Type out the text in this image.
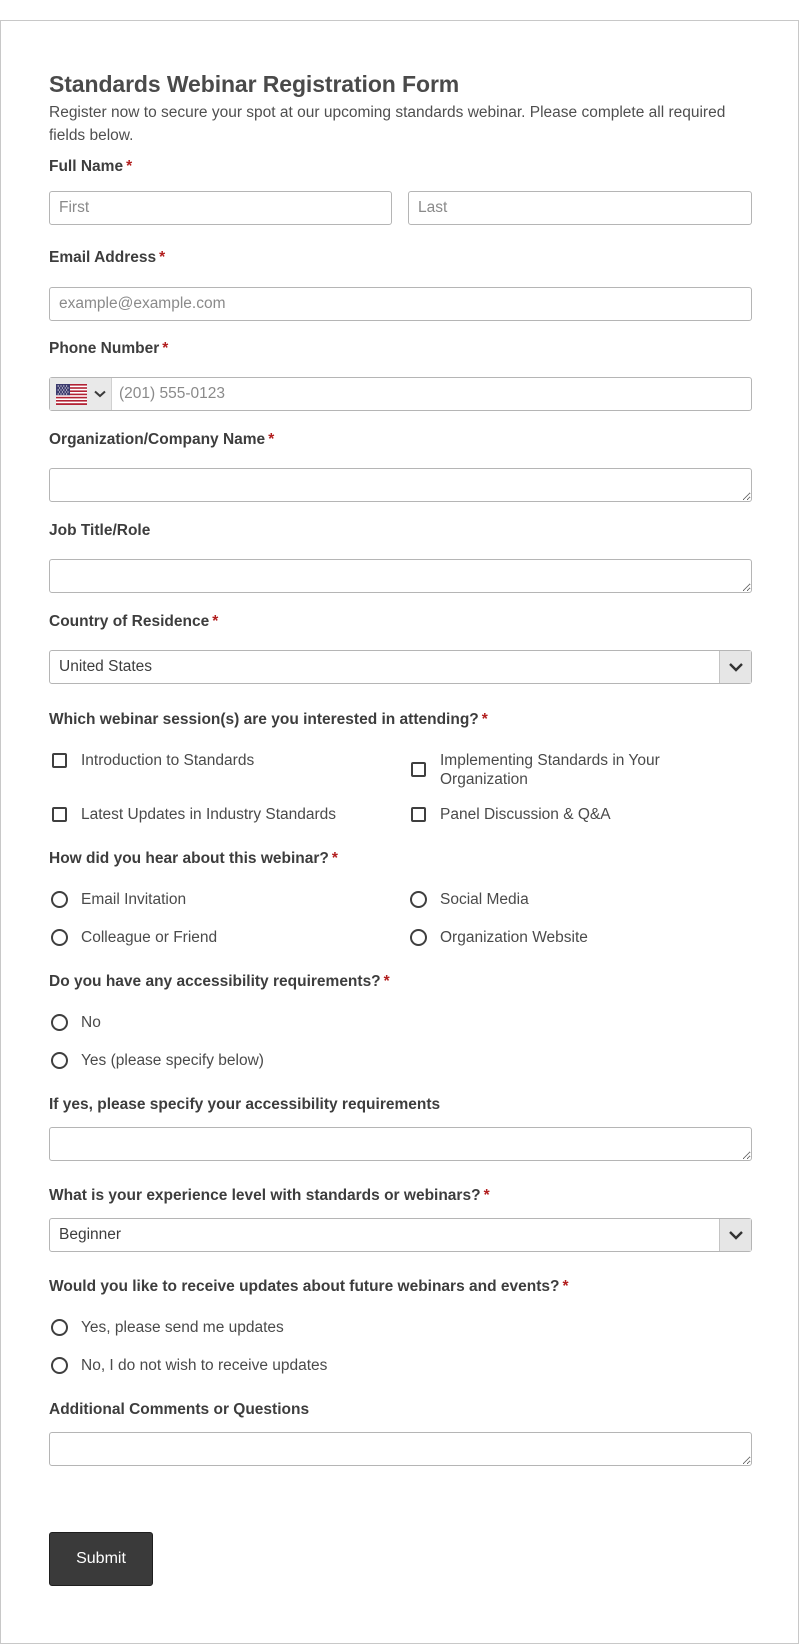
Standards Webinar Registration Form
Register now to secure your spot at our upcoming standards webinar. Please complete all required fields below.
Full Name *
First
Last
Email Address *
example@example.com
Phone Number *
(201) 555-0123
Organization/Company Name *
Job Title/Role
Country of Residence *
United States
Which webinar session(s) are you interested in attending? *
Introduction to Standards	Implementing Standards in Your Organization
Latest Updates in Industry Standards	Panel Discussion & Q&A
How did you hear about this webinar? *
Email Invitation	Social Media
Colleague or Friend	Organization Website
Do you have any accessibility requirements? *
No
Yes (please specify below)
If yes, please specify your accessibility requirements
What is your experience level with standards or webinars? *
Beginner
Would you like to receive updates about future webinars and events? *
Yes, please send me updates
No, I do not wish to receive updates
Additional Comments or Questions
Submit
